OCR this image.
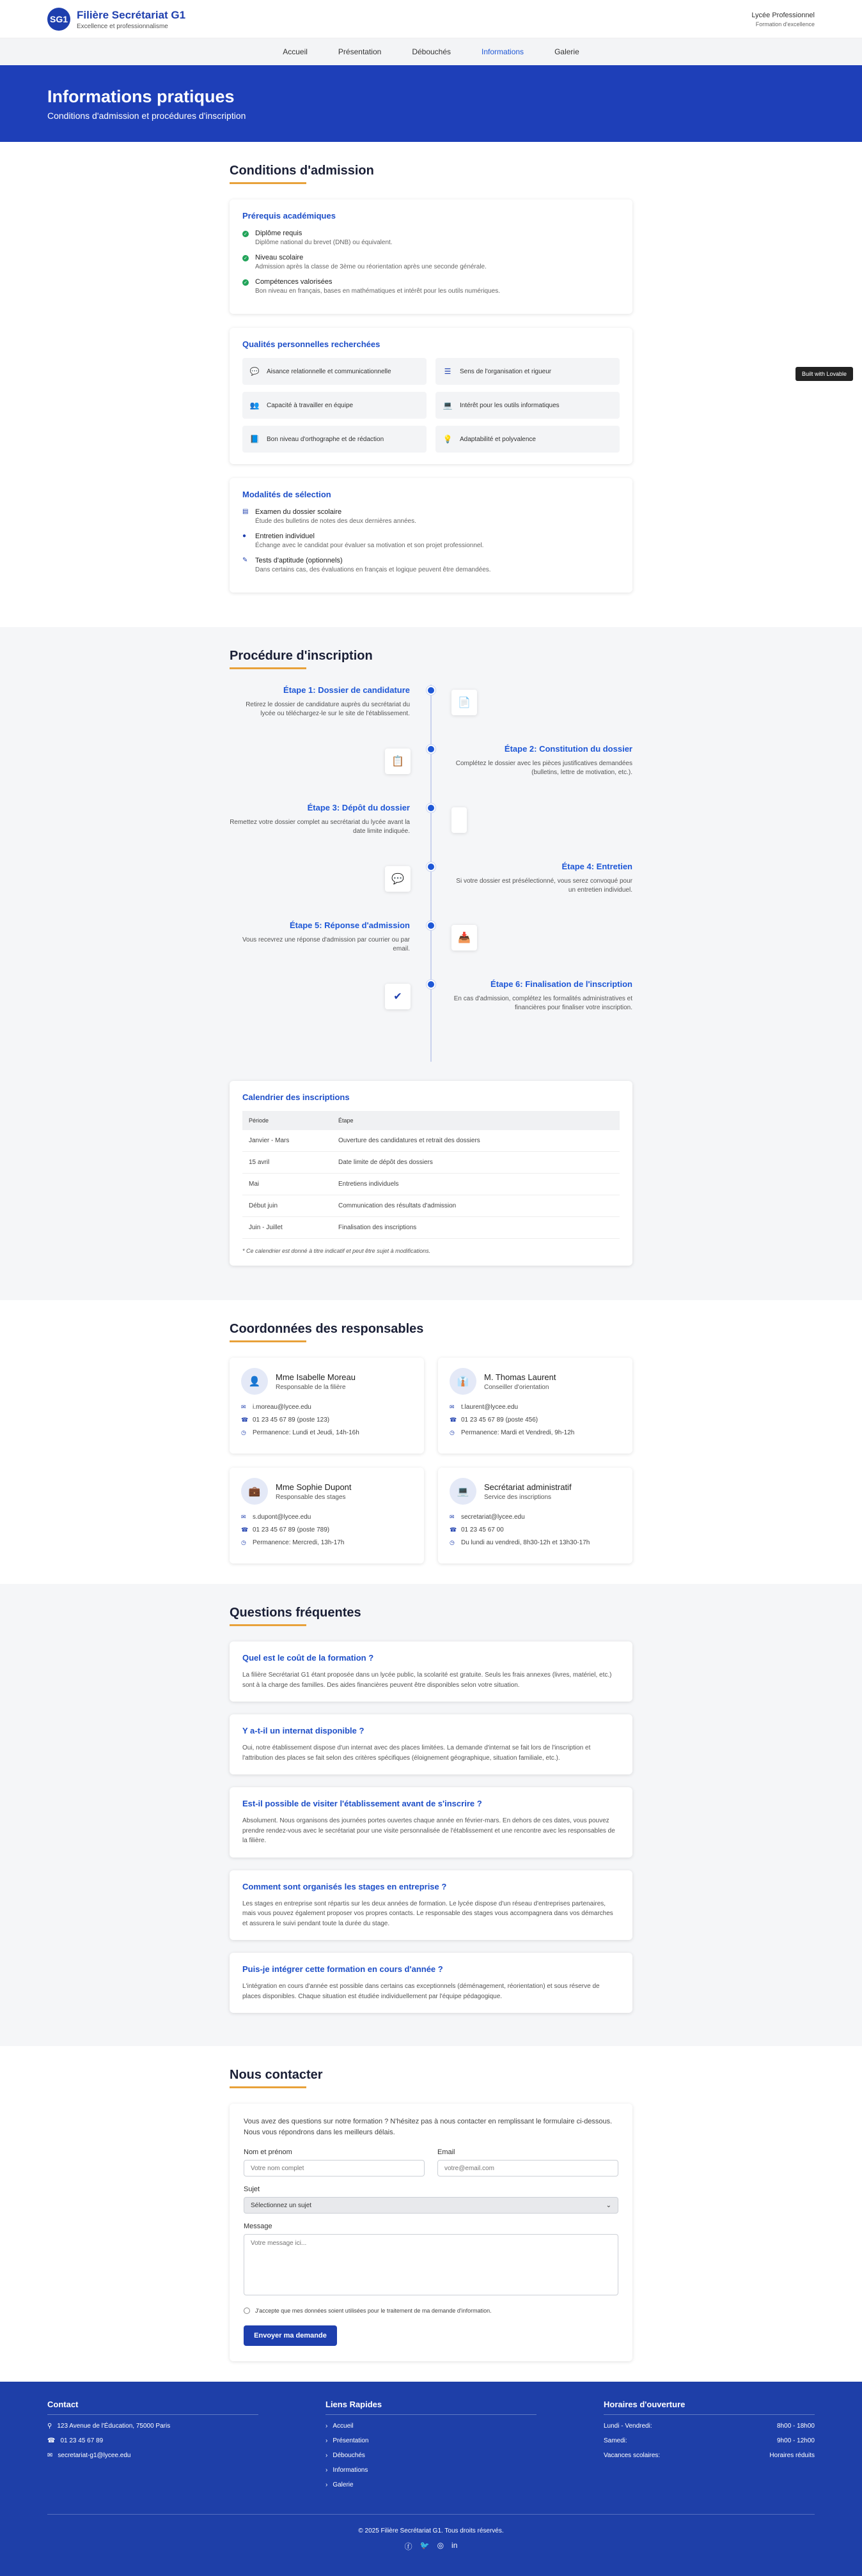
SG1 Filière Secrétariat G1
Excellence et professionnalisme
Lycée Professionnel
Formation d'excellence
Accueil	Présentation	Débouchés	Informations	Galerie
Informations pratiques

Conditions d'admission et procédures d'inscription

Built with Lovable
Conditions d'admission
Prérequis académiques
✓ Diplôme requis
Diplôme national du brevet (DNB) ou équivalent.
✓ Niveau scolaire
Admission après la classe de 3ème ou réorientation après une seconde générale.
✓ Compétences valorisées
Bon niveau en français, bases en mathématiques et intérêt pour les outils numériques.
Qualités personnelles recherchées
💬 Aisance relationnelle et communicationnelle	☰ Sens de l'organisation et rigueur
👥 Capacité à travailler en équipe	💻 Intérêt pour les outils informatiques
📘 Bon niveau d'orthographe et de rédaction	💡 Adaptabilité et polyvalence
Modalités de sélection
▤ Examen du dossier scolaire
Étude des bulletins de notes des deux dernières années.
●	Entretien individuel
Échange avec le candidat pour évaluer sa motivation et son projet professionnel.
✎ Tests d'aptitude (optionnels)
Dans certains cas, des évaluations en français et logique peuvent être demandées.
Procédure d'inscription
Étape 1: Dossier de candidature

Retirez le dossier de candidature auprès du secrétariat du lycée ou téléchargez-le sur le site de l'établissement.

📄
📋
Étape 2: Constitution du dossier

Complétez le dossier avec les pièces justificatives demandées (bulletins, lettre de motivation, etc.).

Étape 3: Dépôt du dossier

Remettez votre dossier complet au secrétariat du lycée avant la date limite indiquée.

💬
Étape 4: Entretien

Si votre dossier est présélectionné, vous serez convoqué pour un entretien individuel.

Étape 5: Réponse d'admission

Vous recevrez une réponse d'admission par courrier ou par email.

📥
✔
Étape 6: Finalisation de l'inscription

En cas d'admission, complétez les formalités administratives et financières pour finaliser votre inscription.

Calendrier des inscriptions
Période	Étape
Janvier - Mars	Ouverture des candidatures et retrait des dossiers
15 avril	Date limite de dépôt des dossiers
Mai	Entretiens individuels
Début juin	Communication des résultats d'admission
Juin - Juillet	Finalisation des inscriptions
* Ce calendrier est donné à titre indicatif et peut être sujet à modifications.
Coordonnées des responsables
👤	Mme Isabelle Moreau
Responsable de la filière
✉ i.moreau@lycee.edu
☎ 01 23 45 67 89 (poste 123)
◷ Permanence: Lundi et Jeudi, 14h-16h
👔	M. Thomas Laurent
Conseiller d'orientation
✉ t.laurent@lycee.edu
☎ 01 23 45 67 89 (poste 456)
◷ Permanence: Mardi et Vendredi, 9h-12h
💼	Mme Sophie Dupont
Responsable des stages
✉ s.dupont@lycee.edu
☎ 01 23 45 67 89 (poste 789)
◷ Permanence: Mercredi, 13h-17h
💻	Secrétariat administratif
Service des inscriptions
✉ secretariat@lycee.edu
☎ 01 23 45 67 00
◷ Du lundi au vendredi, 8h30-12h et 13h30-17h
Questions fréquentes
Quel est le coût de la formation ?

La filière Secrétariat G1 étant proposée dans un lycée public, la scolarité est gratuite. Seuls les frais annexes (livres, matériel, etc.) sont à la charge des familles. Des aides financières peuvent être disponibles selon votre situation.

Y a-t-il un internat disponible ?

Oui, notre établissement dispose d'un internat avec des places limitées. La demande d'internat se fait lors de l'inscription et l'attribution des places se fait selon des critères spécifiques (éloignement géographique, situation familiale, etc.).

Est-il possible de visiter l'établissement avant de s'inscrire ?

Absolument. Nous organisons des journées portes ouvertes chaque année en février-mars. En dehors de ces dates, vous pouvez prendre rendez-vous avec le secrétariat pour une visite personnalisée de l'établissement et une rencontre avec les responsables de la filière.

Comment sont organisés les stages en entreprise ?

Les stages en entreprise sont répartis sur les deux années de formation. Le lycée dispose d'un réseau d'entreprises partenaires, mais vous pouvez également proposer vos propres contacts. Le responsable des stages vous accompagnera dans vos démarches et assurera le suivi pendant toute la durée du stage.

Puis-je intégrer cette formation en cours d'année ?

L'intégration en cours d'année est possible dans certains cas exceptionnels (déménagement, réorientation) et sous réserve de places disponibles. Chaque situation est étudiée individuellement par l'équipe pédagogique.

Nous contacter

Vous avez des questions sur notre formation ? N'hésitez pas à nous contacter en remplissant le formulaire ci-dessous. Nous vous répondrons dans les meilleurs délais.

Nom et prénom
Votre nom complet	Email
votre@email.com
Sujet
Sélectionnez un sujet	⌄
Message
Votre message ici...
J'accepte que mes données soient utilisées pour le traitement de ma demande d'information.
Envoyer ma demande
Contact
⚲ 123 Avenue de l'Éducation, 75000 Paris
☎ 01 23 45 67 89
✉ secretariat-g1@lycee.edu
Liens Rapides
› Accueil
› Présentation
› Débouchés
› Informations
› Galerie
Horaires d'ouverture
Lundi - Vendredi:	8h00 - 18h00
Samedi:	9h00 - 12h00
Vacances scolaires:	Horaires réduits
© 2025 Filière Secrétariat G1. Tous droits réservés.
ⓕ 🐦 ◎ in
